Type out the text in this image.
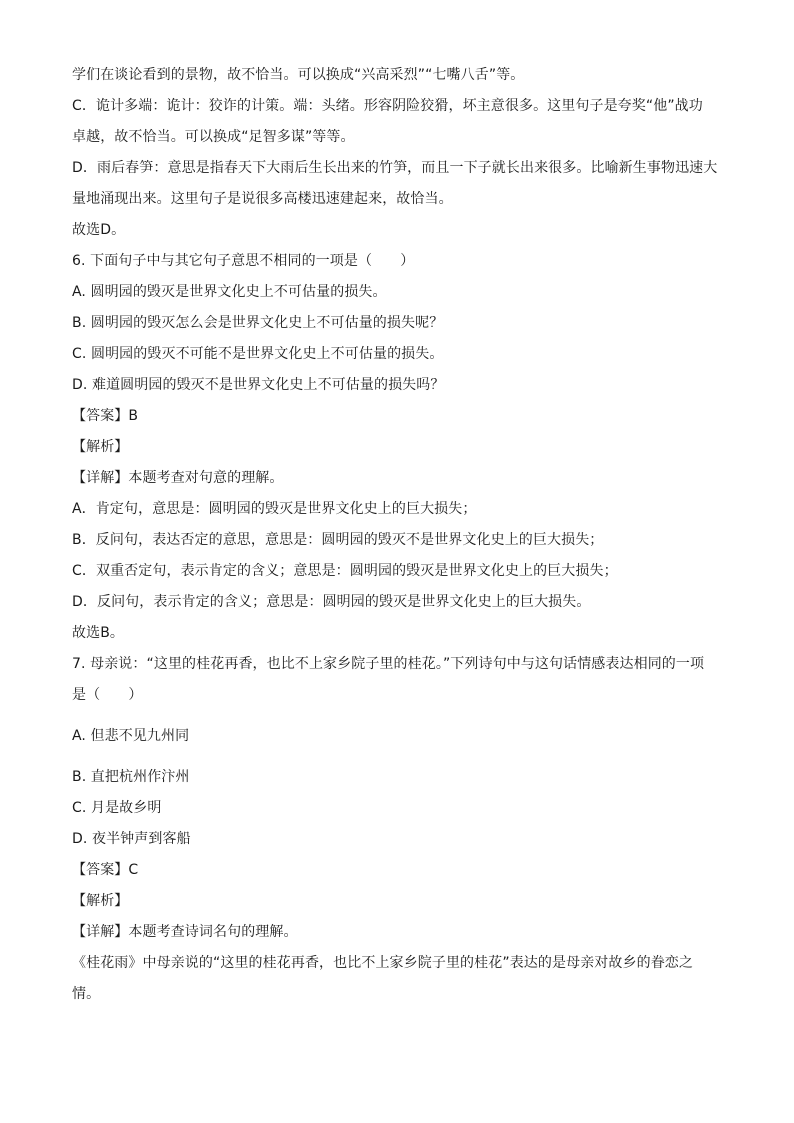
学们在谈论看到的景物，故不恰当。可以换成“兴高采烈”“七嘴八舌”等。
C．诡计多端：诡计：狡诈的计策。端：头绪。形容阴险狡猾，坏主意很多。这里句子是夸奖“他”战功
卓越，故不恰当。可以换成“足智多谋”等等。
D．雨后春笋：意思是指春天下大雨后生长出来的竹笋，而且一下子就长出来很多。比喻新生事物迅速大
量地涌现出来。这里句子是说很多高楼迅速建起来，故恰当。
故选D。
6. 下面句子中与其它句子意思不相同的一项是（　　）
A. 圆明园的毁灭是世界文化史上不可估量的损失。
B. 圆明园的毁灭怎么会是世界文化史上不可估量的损失呢？
C. 圆明园的毁灭不可能不是世界文化史上不可估量的损失。
D. 难道圆明园的毁灭不是世界文化史上不可估量的损失吗？
【答案】B
【解析】
【详解】本题考查对句意的理解。
A．肯定句，意思是：圆明园的毁灭是世界文化史上的巨大损失；
B．反问句，表达否定的意思，意思是：圆明园的毁灭不是世界文化史上的巨大损失；
C．双重否定句，表示肯定的含义；意思是：圆明园的毁灭是世界文化史上的巨大损失；
D．反问句，表示肯定的含义；意思是：圆明园的毁灭是世界文化史上的巨大损失。
故选B。
7. 母亲说：“这里的桂花再香，也比不上家乡院子里的桂花。”下列诗句中与这句话情感表达相同的一项
是（　　）
A. 但悲不见九州同
B. 直把杭州作汴州
C. 月是故乡明
D. 夜半钟声到客船
【答案】C
【解析】
【详解】本题考查诗词名句的理解。
《桂花雨》中母亲说的“这里的桂花再香，也比不上家乡院子里的桂花”表达的是母亲对故乡的眷恋之
情。
